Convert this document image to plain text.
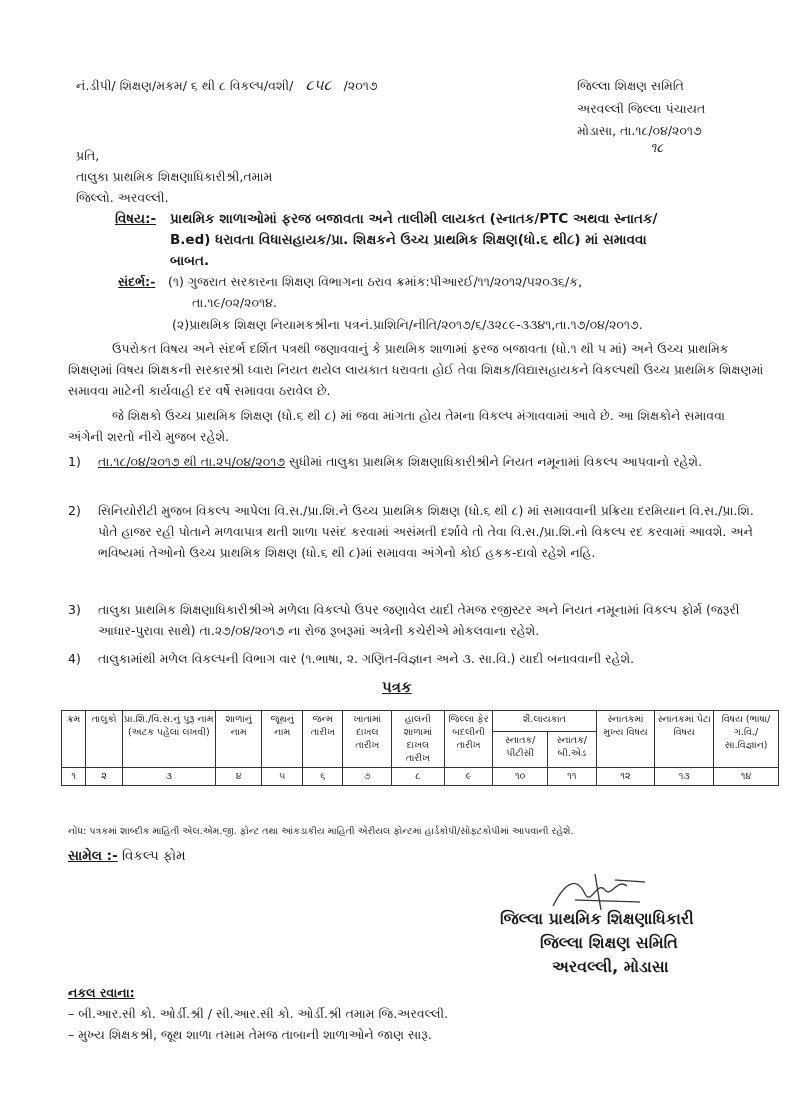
નં.ડીપી/ શિક્ષણ/મકમ/ ૬ થી ૮ વિકલ્પ/વશી/ ૮૫૮ /૨૦૧૭	જિલ્લા શિક્ષણ સમિતિ
અરવલ્લી જિલ્લા પંચાયત
મોડાસા, તા.૧૮/૦૪/૨૦૧૭
૧૮
પ્રતિ,
તાલુકા પ્રાથમિક શિક્ષણાધિકારીશ્રી,તમામ
જિલ્લો. અરવલ્લી.
વિષય:- પ્રાથમિક શાળાઓમાં ફરજ બજાવતા અને તાલીમી લાયકત (સ્નાતક/PTC અથવા સ્નાતક/
B.ed) ધરાવતા વિધાસહાયક/પ્રા. શિક્ષકને ઉચ્ચ પ્રાથમિક શિક્ષણ(ધો.૬ થી૮) માં સમાવવા
બાબત.
સંદર્ભ:- (૧) ગુજરાત સરકારના શિક્ષણ વિભાગના ઠરાવ ક્રમાંક:પીઆરઈ/૧૧/૨૦૧૨/૫૨૦૩૬/ક,
તા.૧૯/૦૨/૨૦૧૪.
(૨)પ્રાથમિક શિક્ષણ નિયામકશ્રીના પત્રનં.પ્રાશિનિ/નીતિ/૨૦૧૭/૬/૩૨૮૯-૩૩૪૧,તા.૧૭/૦૪/૨૦૧૭.
ઉપરોકત વિષય અને સંદર્ભ દર્શિત પત્રથી જણાવવાનું કે પ્રાથમિક શાળામાં ફરજ બજાવતા (ધો.૧ થી ૫ માં) અને ઉચ્ચ પ્રાથમિક શિક્ષણમાં વિષય શિક્ષકની સરકારશ્રી ધ્વારા નિયત થયેલ લાયકાત ધરાવતા હોઈ તેવા શિક્ષક/વિદ્યાસહાયકને વિકલ્પથી ઉચ્ચ પ્રાથમિક શિક્ષણમાં સમાવવા માટેની કાર્યવાહી દર વર્ષે સમાવવા ઠરાવેલ છે.
જે શિક્ષકો ઉચ્ચ પ્રાથમિક શિક્ષણ (ધો.૬ થી ૮) માં જવા માંગતા હોય તેમના વિકલ્પ મંગાવવામાં આવે છે. આ શિક્ષકોને સમાવવા અંગેની શરતો નીચે મુજબ રહેશે.
1) તા.૧૮/૦૪/૨૦૧૭ થી તા.૨૫/૦૪/૨૦૧૭ સુધીમાં તાલુકા પ્રાથમિક શિક્ષણાધિકારીશ્રીને નિયત નમૂનામાં વિકલ્પ આપવાનો રહેશે.
2) સિનિયોરીટી મુજબ વિકલ્પ આપેલા વિ.સ./પ્રા.શિ.ને ઉચ્ચ પ્રાથમિક શિક્ષણ (ધો.૬ થી ૮) માં સમાવવાની પ્રક્રિયા દરમિયાન વિ.સ./પ્રા.શિ. પોતે હાજર રહી પોતાને મળવાપાત્ર થતી શાળા પસંદ કરવામાં અસંમતી દર્શાવે તો તેવા વિ.સ./પ્રા.શિ.નો વિકલ્પ રદ કરવામાં આવશે. અને ભવિષ્યમાં તેઓનો ઉચ્ચ પ્રાથમિક શિક્ષણ (ધો.૬ થી ૮)માં સમાવવા અંગેનો કોઈ હકક-દાવો રહેશે નહિ.
3) તાલુકા પ્રાથમિક શિક્ષણાધિકારીશ્રીએ મળેલા વિકલ્પો ઉપર જણાવેલ યાદી તેમજ રજીસ્ટર અને નિયત નમૂનામાં વિકલ્પ ફોર્મ (જરૂરી આધાર-પુરાવા સાથે) તા.૨૭/૦૪/૨૦૧૭ ના રોજ રૂબરૂમાં અત્રેની કચેરીએ મોકલવાના રહેશે.
4) તાલુકામાંથી મળેલ વિકલ્પની વિભાગ વાર (૧.ભાષા, ૨. ગણિત-વિજ્ઞાન અને ૩. સા.વિ.) યાદી બનાવવાની રહેશે.
પત્રક
ક્રમ	તાલુકો	પ્રા.શિ./વિ.સ.નું પુરૂ નામ (અટક પહેલાં લખવી)	શાળાનું નામ	જૂથનું નામ	જન્મ તારીખ	ખાતામાં દાખલ તારીખ	હાલની શાળામાં દાખલ તારીખ	જિલ્લા ફેર બદલીની તારીખ	શૈ.લાયકાત		સ્નાતકમાં મુખ્ય વિષય	સ્નાતકમાં પેટા વિષય	વિષય (ભાષા/ ગ.વિ./ સા.વિજ્ઞાન)
									સ્નાતક/ પીટીસી	સ્નાતક/ બી.એડ			
૧	૨	૩	૪	૫	૬	૭	૮	૯	૧૦	૧૧	૧૨	૧૩	૧૪
નોંધ: પત્રકમાં શાબ્દીક માહિતી એલ.એમ.જી. ફોન્ટ તથા આંકડાકીય માહિતી એરીયલ ફોન્ટમાં હાર્ડકોપી/સોફ્ટકોપીમાં આપવાની રહેશે.
સામેલ :- વિકલ્પ ફોમ
જિલ્લા પ્રાથમિક શિક્ષણાધિકારી
જિલ્લા શિક્ષણ સમિતિ
અરવલ્લી, મોડાસા
નકલ રવાના:
– બી.આર.સી કો. ઓર્ડી.શ્રી / સી.આર.સી કો. ઓર્ડી.શ્રી તમામ જિ.અરવલ્લી.
– મુખ્ય શિક્ષકશ્રી, જૂથ શાળા તમામ તેમજ તાબાની શાળાઓને જાણ સારૂ.
